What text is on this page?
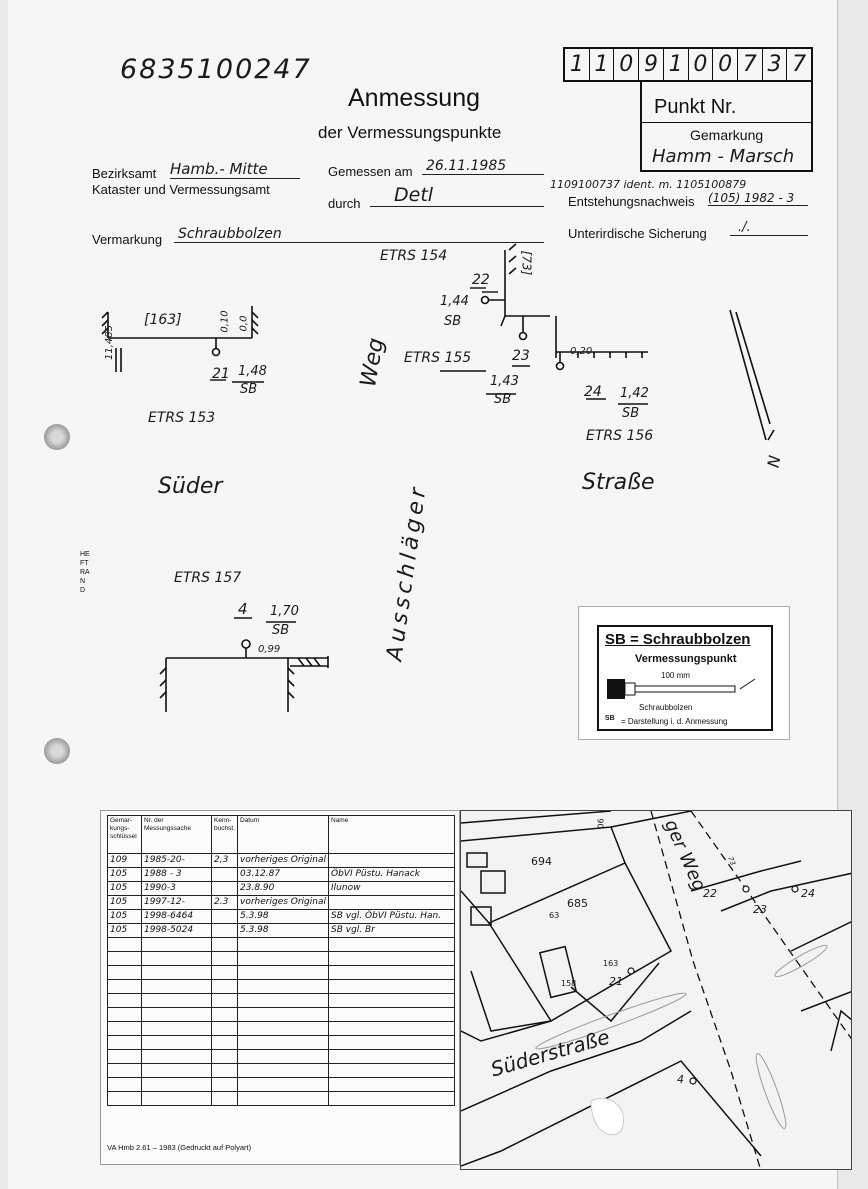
HEFTRAND
6835100247
Anmessung
der Vermessungspunkte
1 1 0 9 1 0 0 7 3 7
Punkt Nr.
Gemarkung
Hamm - Marsch
Bezirksamt Hamb.- Mitte
Kataster und Vermessungsamt
Gemessen am 26.11.1985
durch	Detl	1109100737 ident. m. 1105100879
Entstehungsnachweis (105) 1982 - 3
Vermarkung Schraubbolzen	Unterirdische Sicherung	./.
[163]	0,10 0,0
11,485
21 1,48
SB
ETRS 153
ETRS 154	[73]
22
1,44
SB
ETRS 155	23
1,43
SB
0,20
24 1,42
SB
ETRS 156
N
Weg
Süder	Straße
Ausschläger
ETRS 157
4 1,70
SB
0,99
SB = Schraubbolzen
Vermessungspunkt
100 mm
Schraubbolzen
SB = Darstellung i. d. Anmessung
Gemar-kungs-schlüssel	Nr. der Messungssache	Kenn-buchst.	Datum	Name
109	1985-20-	2,3	vorheriges Original	
105	1988 - 3		03.12.87	ÖbVI Püstu. Hanack
105	1990-3		23.8.90	Ilunow
105	1997-12-	2.3	vorheriges Original	
105	1998-6464		5.3.98	SB vgl. ÖbVI Püstu. Han.
105	1998-5024		5.3.98	SB vgl. Br

VA Hmb 2.61 – 1983 (Gedruckt auf Polyart)
694
685
63
90
163
158	21
22
23
24
73
4
ger Weg
Süderstraße
